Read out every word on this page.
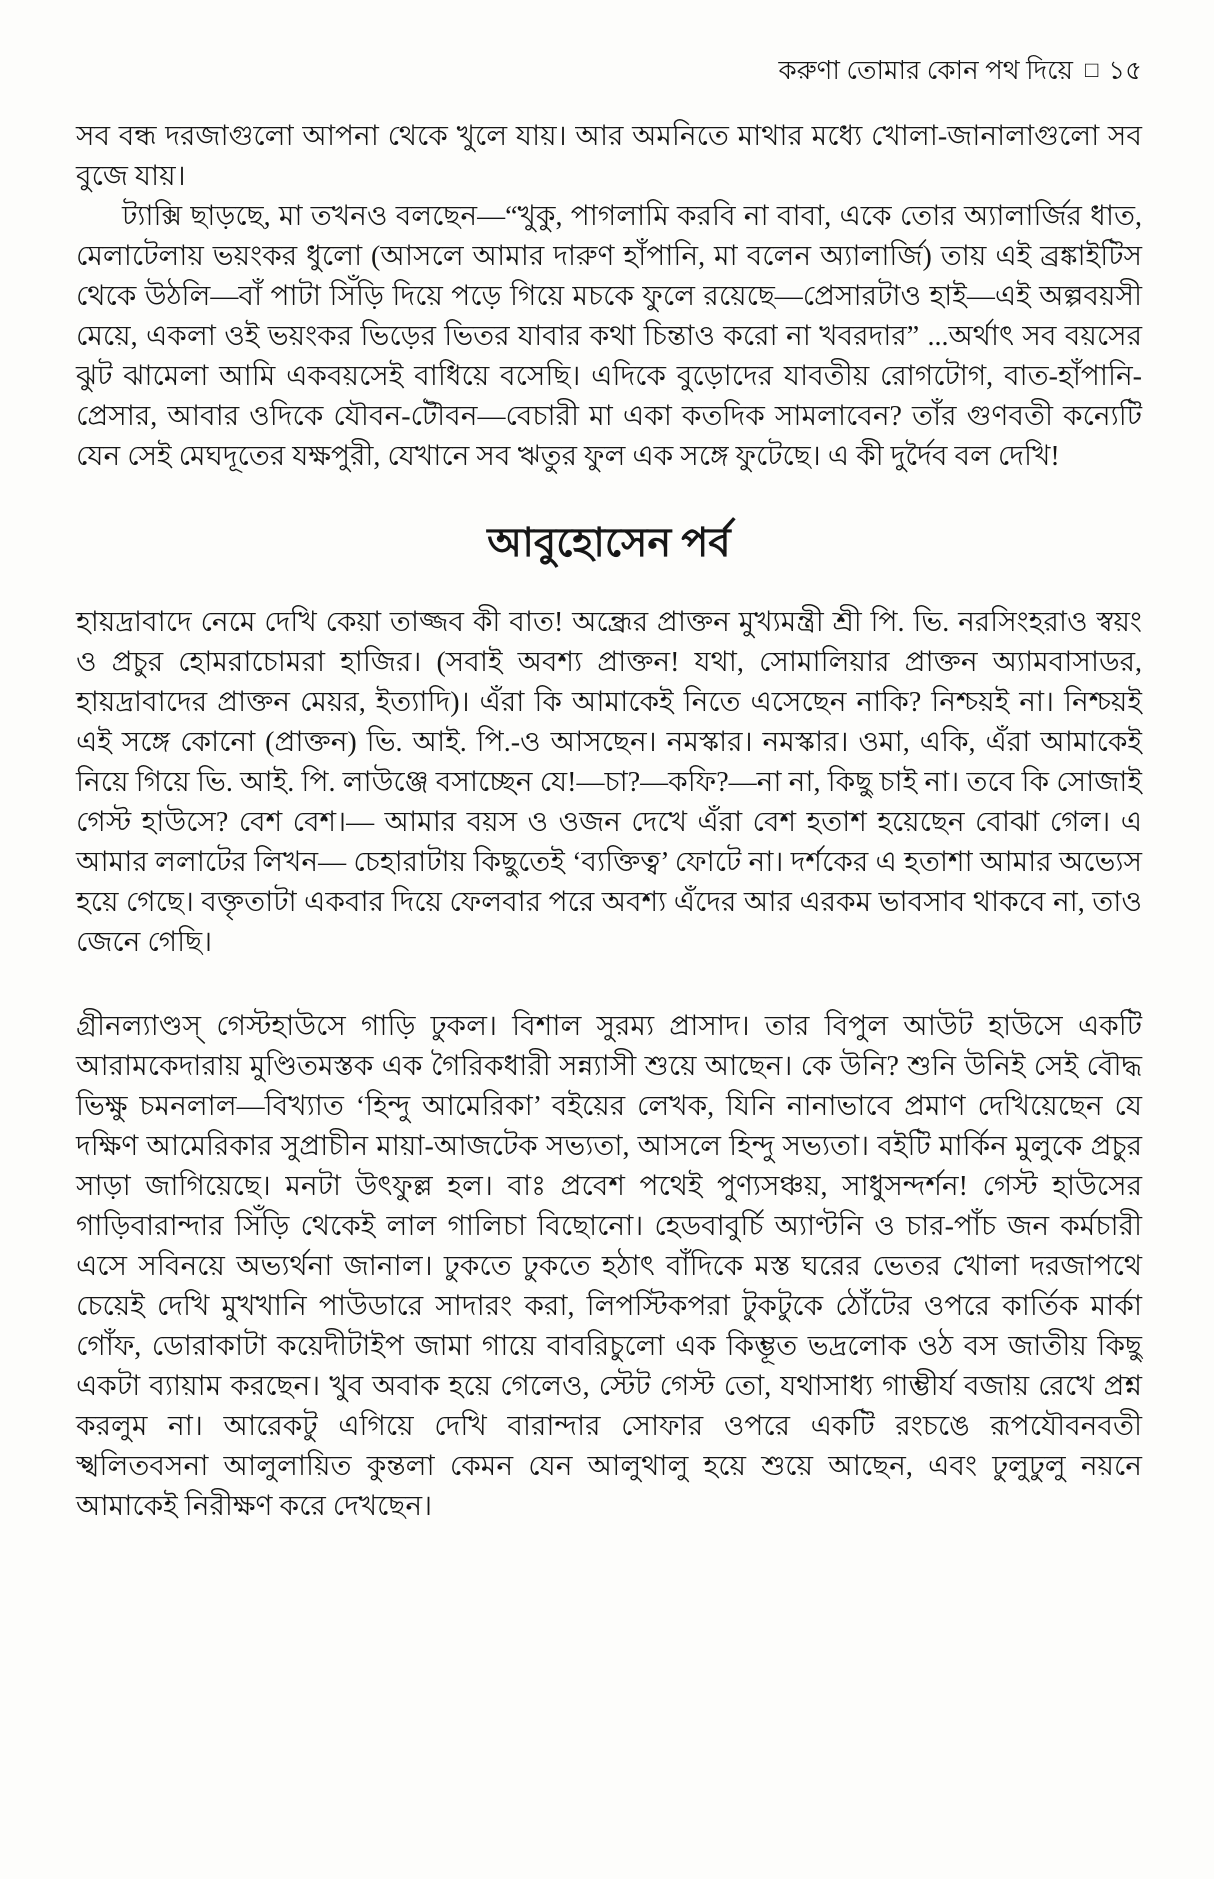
করুণা তোমার কোন পথ দিয়ে □ ১৫

সব বন্ধ দরজাগুলো আপনা থেকে খুলে যায়। আর অমনিতে মাথার মধ্যে খোলা-জানালাগুলো সব বুজে যায়।

ট্যাক্সি ছাড়ছে, মা তখনও বলছেন—“খুকু, পাগলামি করবি না বাবা, একে তোর অ্যালার্জির ধাত, মেলাটেলায় ভয়ংকর ধুলো (আসলে আমার দারুণ হাঁপানি, মা বলেন অ্যালার্জি) তায় এই ব্রঙ্কাইটিস থেকে উঠলি—বাঁ পাটা সিঁড়ি দিয়ে পড়ে গিয়ে মচকে ফুলে রয়েছে—প্রেসারটাও হাই—এই অল্পবয়সী মেয়ে, একলা ওই ভয়ংকর ভিড়ের ভিতর যাবার কথা চিন্তাও করো না খবরদার” ...অর্থাৎ সব বয়সের ঝুট ঝামেলা আমি একবয়সেই বাধিয়ে বসেছি। এদিকে বুড়োদের যাবতীয় রোগটোগ, বাত-হাঁপানি-প্রেসার, আবার ওদিকে যৌবন-টৌবন—বেচারী মা একা কতদিক সামলাবেন? তাঁর গুণবতী কন্যেটি যেন সেই মেঘদূতের যক্ষপুরী, যেখানে সব ঋতুর ফুল এক সঙ্গে ফুটেছে। এ কী দুর্দৈব বল দেখি!

আবুহোসেন পর্ব

হায়দ্রাবাদে নেমে দেখি কেয়া তাজ্জব কী বাত! অন্ধ্রের প্রাক্তন মুখ্যমন্ত্রী শ্রী পি. ভি. নরসিংহরাও স্বয়ং ও প্রচুর হোমরাচোমরা হাজির। (সবাই অবশ্য প্রাক্তন! যথা, সোমালিয়ার প্রাক্তন অ্যামবাসাডর, হায়দ্রাবাদের প্রাক্তন মেয়র, ইত্যাদি)। এঁরা কি আমাকেই নিতে এসেছেন নাকি? নিশ্চয়ই না। নিশ্চয়ই এই সঙ্গে কোনো (প্রাক্তন) ভি. আই. পি.-ও আসছেন। নমস্কার। নমস্কার। ওমা, একি, এঁরা আমাকেই নিয়ে গিয়ে ভি. আই. পি. লাউঞ্জে বসাচ্ছেন যে!—চা?—কফি?—না না, কিছু চাই না। তবে কি সোজাই গেস্ট হাউসে? বেশ বেশ।— আমার বয়স ও ওজন দেখে এঁরা বেশ হতাশ হয়েছেন বোঝা গেল। এ আমার ললাটের লিখন— চেহারাটায় কিছুতেই ‘ব্যক্তিত্ব’ ফোটে না। দর্শকের এ হতাশা আমার অভ্যেস হয়ে গেছে। বক্তৃতাটা একবার দিয়ে ফেলবার পরে অবশ্য এঁদের আর এরকম ভাবসাব থাকবে না, তাও জেনে গেছি।

গ্রীনল্যাণ্ডস্ গেস্টহাউসে গাড়ি ঢুকল। বিশাল সুরম্য প্রাসাদ। তার বিপুল আউট হাউসে একটি আরামকেদারায় মুণ্ডিতমস্তক এক গৈরিকধারী সন্ন্যাসী শুয়ে আছেন। কে উনি? শুনি উনিই সেই বৌদ্ধ ভিক্ষু চমনলাল—বিখ্যাত ‘হিন্দু আমেরিকা’ বইয়ের লেখক, যিনি নানাভাবে প্রমাণ দেখিয়েছেন যে দক্ষিণ আমেরিকার সুপ্রাচীন মায়া-আজটেক সভ্যতা, আসলে হিন্দু সভ্যতা। বইটি মার্কিন মুলুকে প্রচুর সাড়া জাগিয়েছে। মনটা উৎফুল্ল হল। বাঃ প্রবেশ পথেই পুণ্যসঞ্চয়, সাধুসন্দর্শন! গেস্ট হাউসের গাড়িবারান্দার সিঁড়ি থেকেই লাল গালিচা বিছোনো। হেডবাবুর্চি অ্যাণ্টনি ও চার-পাঁচ জন কর্মচারী এসে সবিনয়ে অভ্যর্থনা জানাল। ঢুকতে ঢুকতে হঠাৎ বাঁদিকে মস্ত ঘরের ভেতর খোলা দরজাপথে চেয়েই দেখি মুখখানি পাউডারে সাদারং করা, লিপস্টিকপরা টুকটুকে ঠোঁটের ওপরে কার্তিক মার্কা গোঁফ, ডোরাকাটা কয়েদীটাইপ জামা গায়ে বাবরিচুলো এক কিম্ভূত ভদ্রলোক ওঠ বস জাতীয় কিছু একটা ব্যায়াম করছেন। খুব অবাক হয়ে গেলেও, স্টেট গেস্ট তো, যথাসাধ্য গাম্ভীর্য বজায় রেখে প্রশ্ন করলুম না। আরেকটু এগিয়ে দেখি বারান্দার সোফার ওপরে একটি রংচঙে রূপযৌবনবতী স্খলিতবসনা আলুলায়িত কুন্তলা কেমন যেন আলুথালু হয়ে শুয়ে আছেন, এবং ঢুলুঢুলু নয়নে আমাকেই নিরীক্ষণ করে দেখছেন।
